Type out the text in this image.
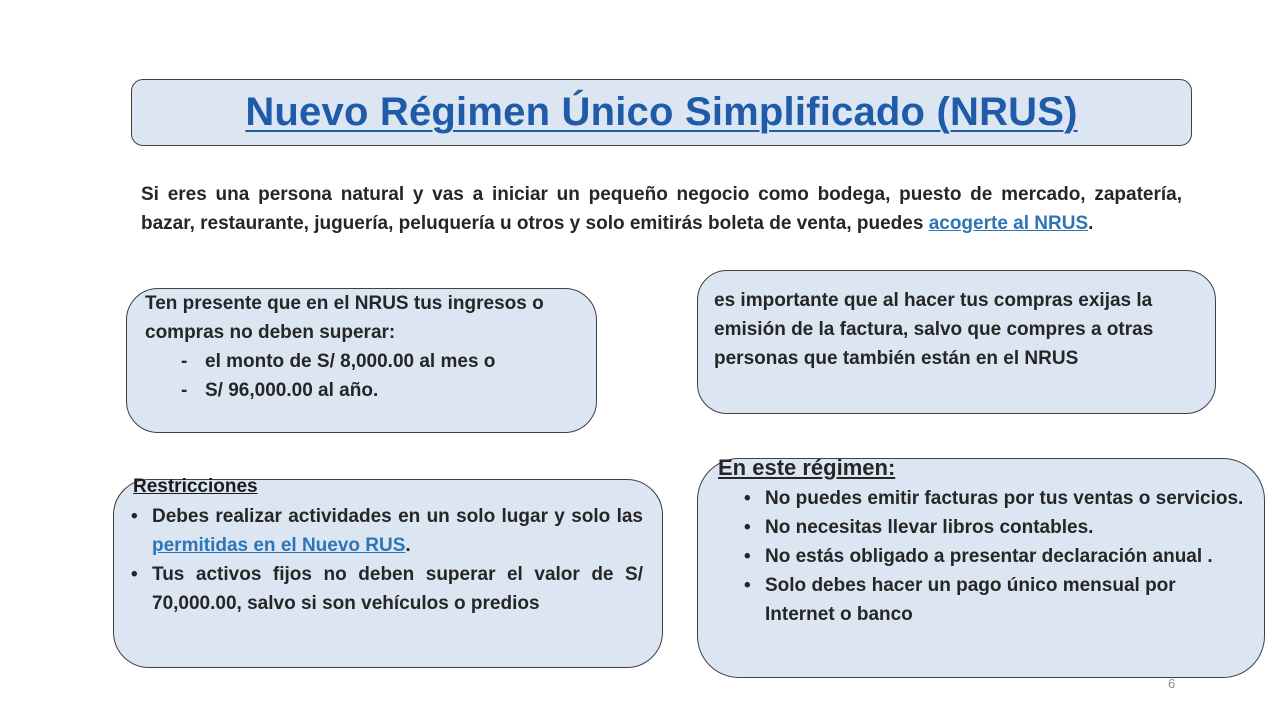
Nuevo Régimen Único Simplificado (NRUS)
Si eres una persona natural y vas a iniciar un pequeño negocio como bodega, puesto de mercado, zapatería, bazar, restaurante, juguería, peluquería u otros y solo emitirás boleta de venta, puedes acogerte al NRUS.
Ten presente que en el NRUS tus ingresos o compras no deben superar:
- el monto de S/ 8,000.00 al mes o
- S/ 96,000.00 al año.
es importante que al hacer tus compras exijas la emisión de la factura, salvo que compres a otras personas que también están en el NRUS
Restricciones
• Debes realizar actividades en un solo lugar y solo las permitidas en el Nuevo RUS.
• Tus activos fijos no deben superar el valor de S/ 70,000.00, salvo si son vehículos o predios
En este régimen:
• No puedes emitir facturas por tus ventas o servicios.
• No necesitas llevar libros contables.
• No estás obligado a presentar declaración anual .
• Solo debes hacer un pago único mensual por Internet o banco
6
